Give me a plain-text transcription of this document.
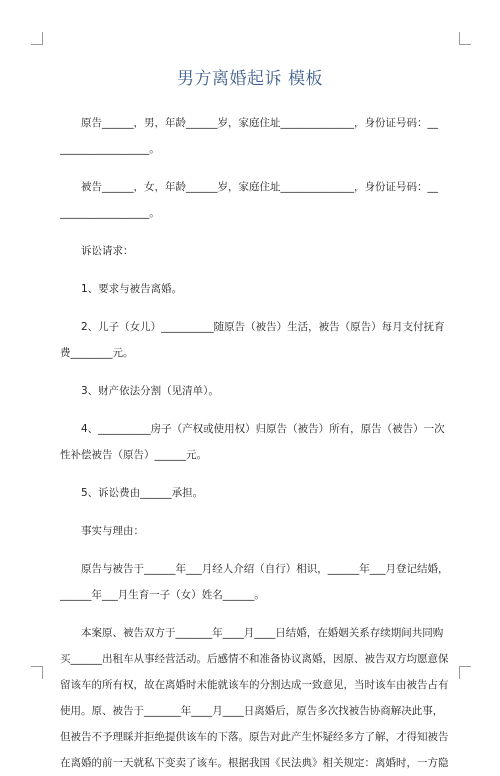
男方离婚起诉 模板
原告______，男，年龄______岁，家庭住址______________，身份证号码：__
_________________。
被告______，女，年龄______岁，家庭住址______________，身份证号码：__
_________________。
诉讼请求：
1、要求与被告离婚。
2、儿子（女儿）__________随原告（被告）生活，被告（原告）每月支付抚育
费________元。
3、财产依法分割（见清单）。
4、__________房子（产权或使用权）归原告（被告）所有，原告（被告）一次
性补偿被告（原告）______元。
5、诉讼费由______承担。
事实与理由：
原告与被告于______年___月经人介绍（自行）相识，______年___月登记结婚，
______年___月生育一子（女）姓名______。
本案原、被告双方于_______年____月____日结婚，在婚姻关系存续期间共同购
买______出租车从事经营活动。后感情不和准备协议离婚，因原、被告双方均愿意保
留该车的所有权，故在离婚时未能就该车的分割达成一致意见，当时该车由被告占有
使用。原、被告于_______年____月____日离婚后，原告多次找被告协商解决此事，
但被告不予理睬并拒绝提供该车的下落。原告对此产生怀疑经多方了解，才得知被告
在离婚的前一天就私下变卖了该车。根据我国《民法典》相关规定：离婚时，一方隐
